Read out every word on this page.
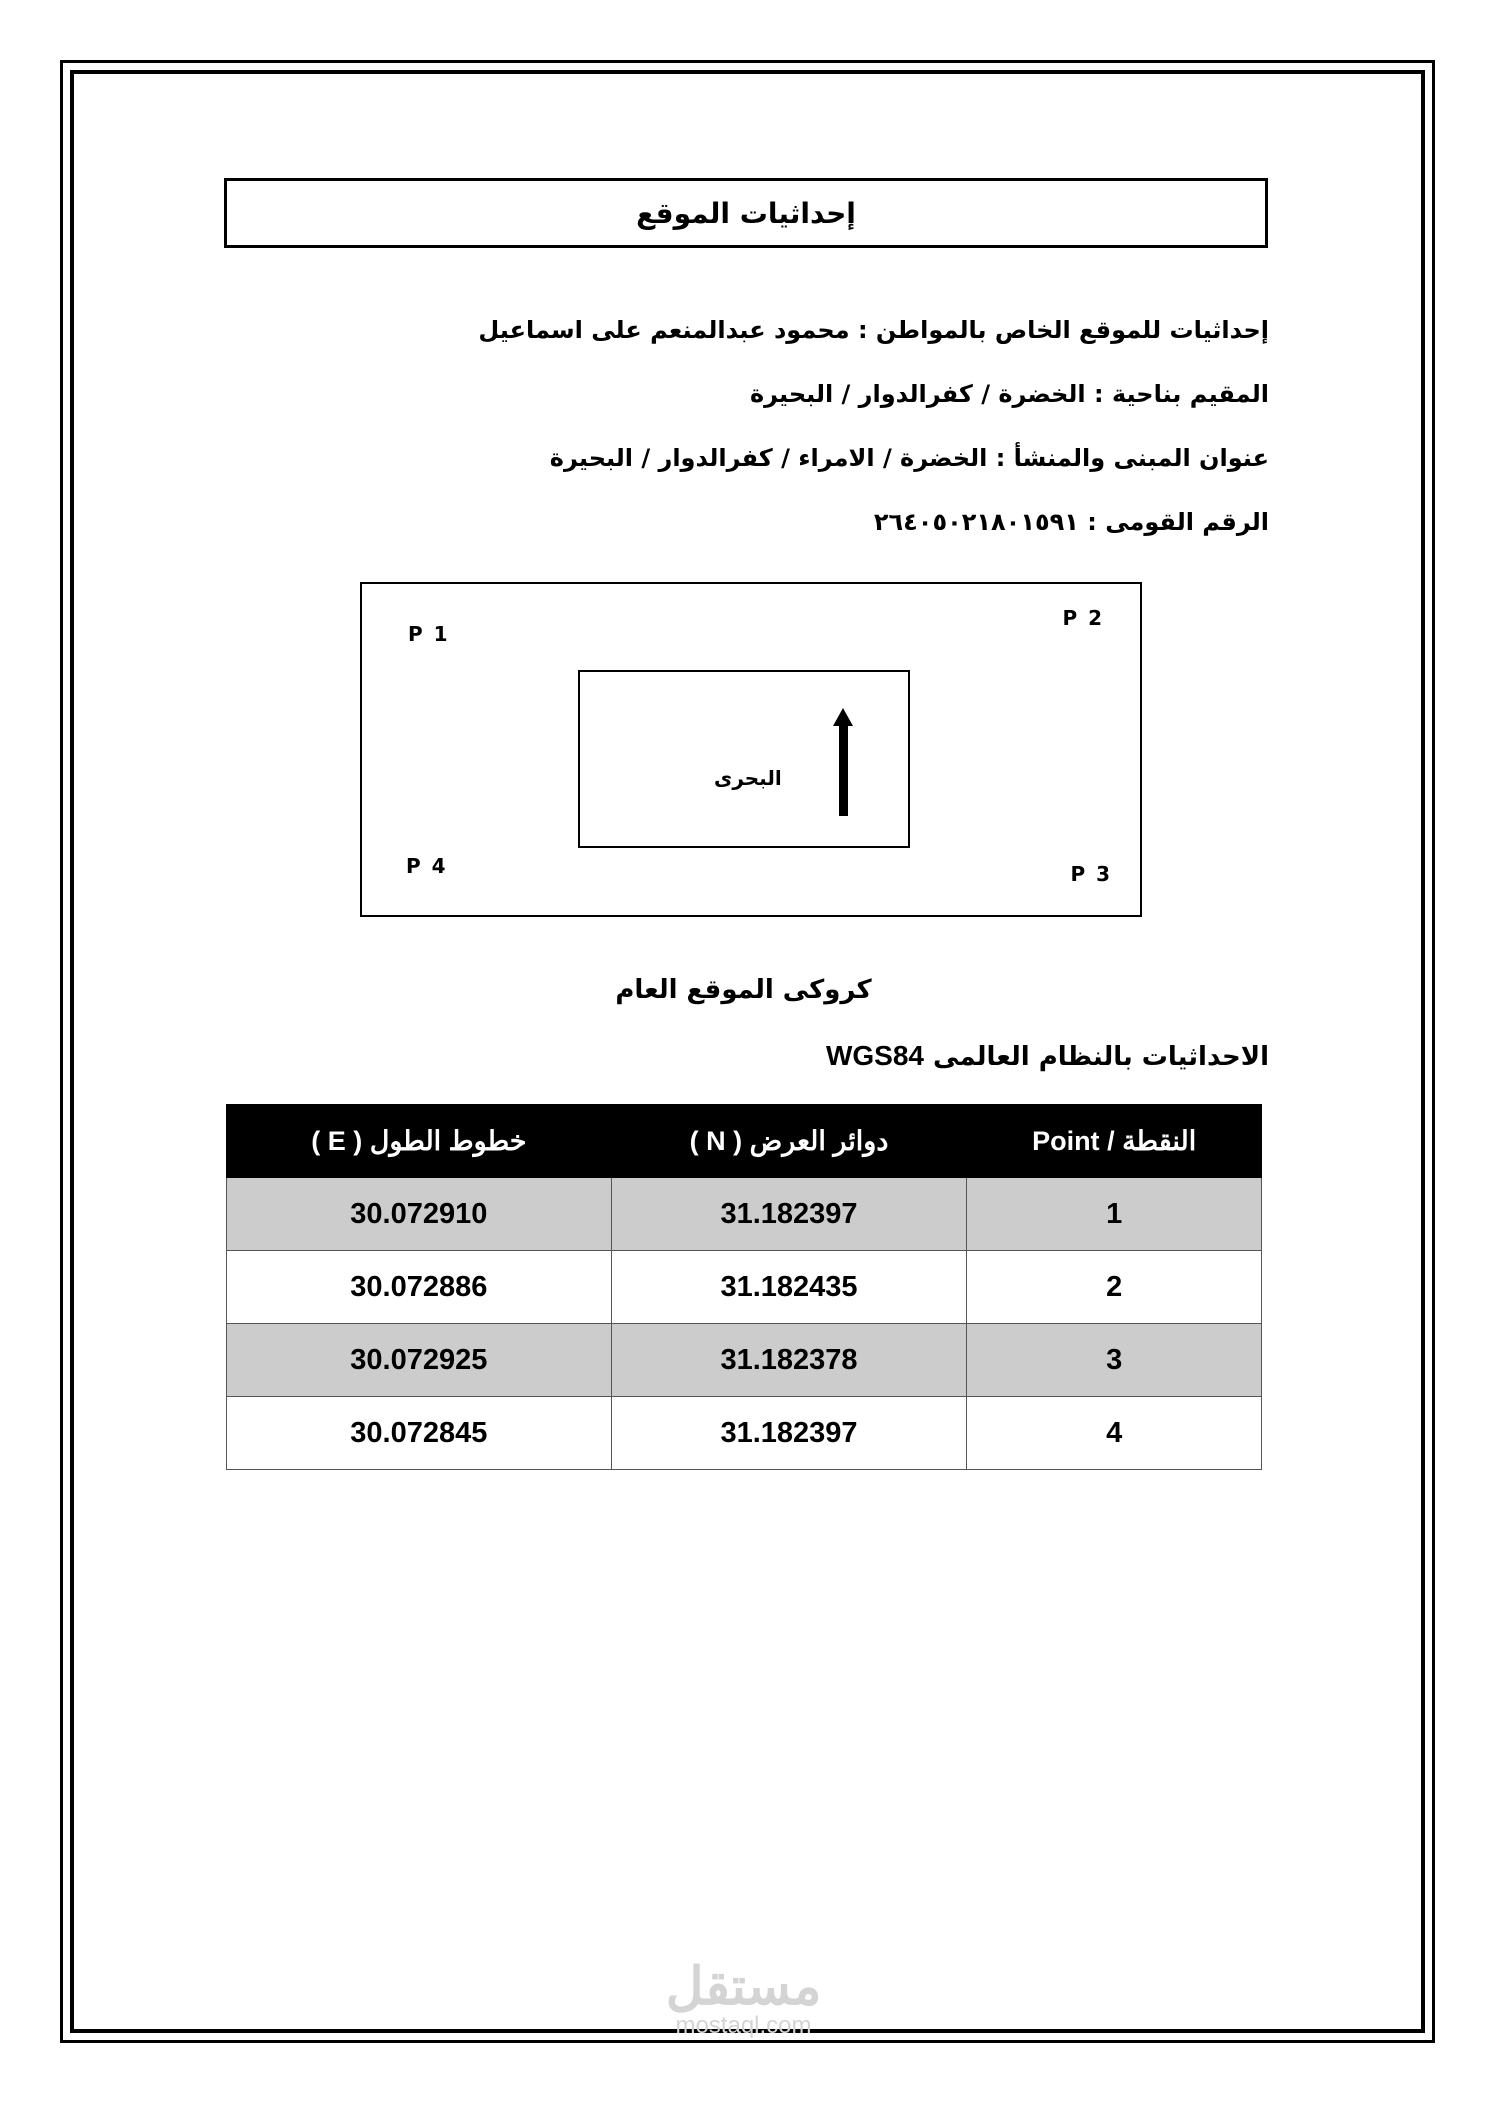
إحداثيات الموقع
إحداثيات للموقع الخاص بالمواطن : محمود عبدالمنعم على اسماعيل
المقيم بناحية : الخضرة / كفرالدوار / البحيرة
عنوان المبنى والمنشأ : الخضرة / الامراء / كفرالدوار / البحيرة
الرقم القومى : ٢٦٤٠٥٠٢١٨٠١٥٩١
P 1
P 2
P 3
P 4
البحرى
كروكى الموقع العام
الاحداثيات بالنظام العالمى WGS84
خطوط الطول ( E )	دوائر العرض ( N )	النقطة / Point
30.072910	31.182397	1
30.072886	31.182435	2
30.072925	31.182378	3
30.072845	31.182397	4
مستقل
mostaql.com
